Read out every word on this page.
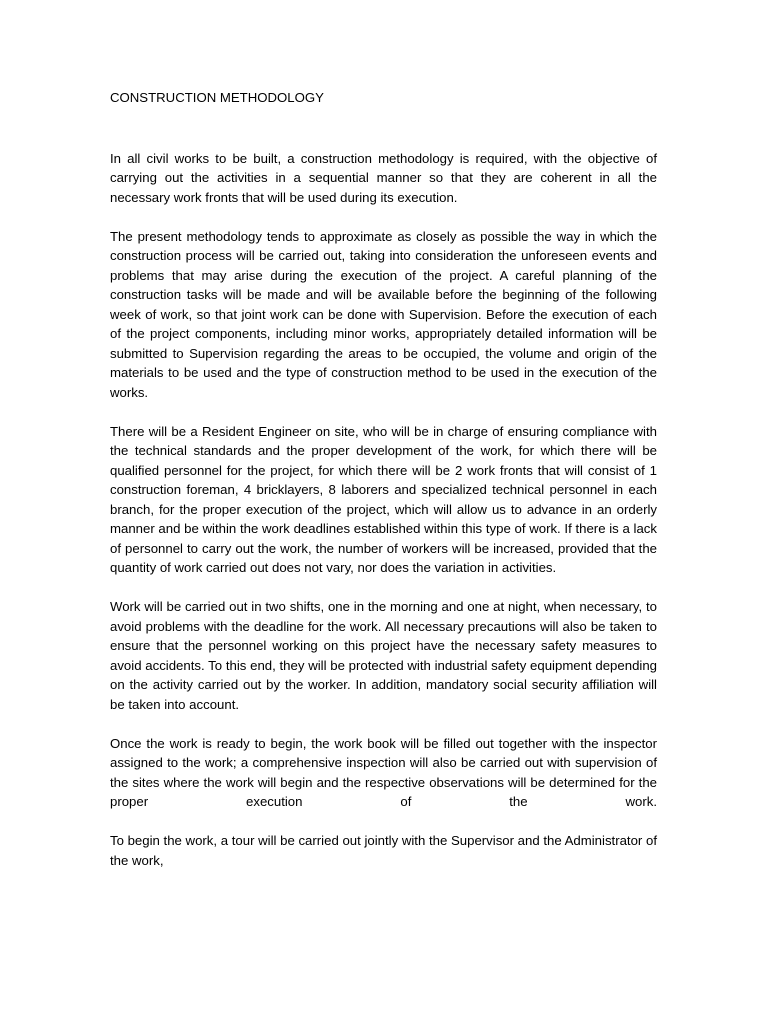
CONSTRUCTION METHODOLOGY

In all civil works to be built, a construction methodology is required, with the objective of carrying out the activities in a sequential manner so that they are coherent in all the necessary work fronts that will be used during its execution.

The present methodology tends to approximate as closely as possible the way in which the construction process will be carried out, taking into consideration the unforeseen events and problems that may arise during the execution of the project. A careful planning of the construction tasks will be made and will be available before the beginning of the following week of work, so that joint work can be done with Supervision. Before the execution of each of the project components, including minor works, appropriately detailed information will be submitted to Supervision regarding the areas to be occupied, the volume and origin of the materials to be used and the type of construction method to be used in the execution of the works.

There will be a Resident Engineer on site, who will be in charge of ensuring compliance with the technical standards and the proper development of the work, for which there will be qualified personnel for the project, for which there will be 2 work fronts that will consist of 1 construction foreman, 4 bricklayers, 8 laborers and specialized technical personnel in each branch, for the proper execution of the project, which will allow us to advance in an orderly manner and be within the work deadlines established within this type of work. If there is a lack of personnel to carry out the work, the number of workers will be increased, provided that the quantity of work carried out does not vary, nor does the variation in activities.

Work will be carried out in two shifts, one in the morning and one at night, when necessary, to avoid problems with the deadline for the work. All necessary precautions will also be taken to ensure that the personnel working on this project have the necessary safety measures to avoid accidents. To this end, they will be protected with industrial safety equipment depending on the activity carried out by the worker. In addition, mandatory social security affiliation will be taken into account.

Once the work is ready to begin, the work book will be filled out together with the inspector assigned to the work; a comprehensive inspection will also be carried out with supervision of the sites where the work will begin and the respective observations will be determined for the proper execution of the work.

To begin the work, a tour will be carried out jointly with the Supervisor and the Administrator of the work,
